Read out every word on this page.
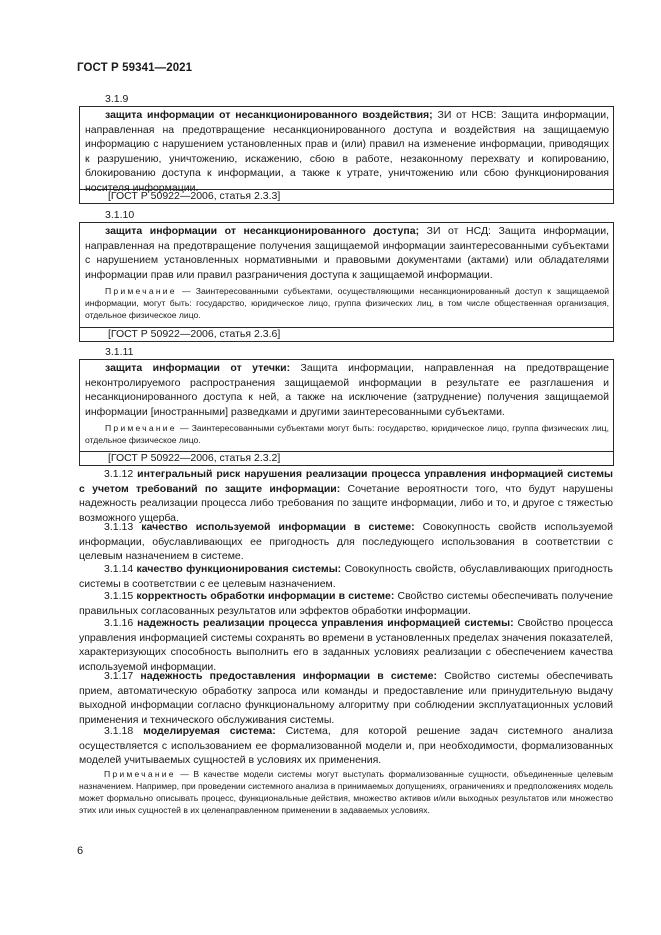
ГОСТ Р 59341—2021
3.1.9
защита информации от несанкционированного воздействия; ЗИ от НСВ: Защита информации, направленная на предотвращение несанкционированного доступа и воздействия на защищаемую информацию с нарушением установленных прав и (или) правил на изменение информации, приводящих к разрушению, уничтожению, искажению, сбою в работе, незаконному перехвату и копированию, блокированию доступа к информации, а также к утрате, уничтожению или сбою функционирования носителя информации.
[ГОСТ Р 50922—2006, статья 2.3.3]
3.1.10
защита информации от несанкционированного доступа; ЗИ от НСД: Защита информации, направленная на предотвращение получения защищаемой информации заинтересованными субъектами с нарушением установленных нормативными и правовыми документами (актами) или обладателями информации прав или правил разграничения доступа к защищаемой информации.
Примечание — Заинтересованными субъектами, осуществляющими несанкционированный доступ к защищаемой информации, могут быть: государство, юридическое лицо, группа физических лиц, в том числе общественная организация, отдельное физическое лицо.
[ГОСТ Р 50922—2006, статья 2.3.6]
3.1.11
защита информации от утечки: Защита информации, направленная на предотвращение неконтролируемого распространения защищаемой информации в результате ее разглашения и несанкционированного доступа к ней, а также на исключение (затруднение) получения защищаемой информации [иностранными] разведками и другими заинтересованными субъектами.
Примечание — Заинтересованными субъектами могут быть: государство, юридическое лицо, группа физических лиц, отдельное физическое лицо.
[ГОСТ Р 50922—2006, статья 2.3.2]
3.1.12 интегральный риск нарушения реализации процесса управления информацией системы с учетом требований по защите информации: Сочетание вероятности того, что будут нарушены надежность реализации процесса либо требования по защите информации, либо и то, и другое с тяжестью возможного ущерба.
3.1.13 качество используемой информации в системе: Совокупность свойств используемой информации, обуславливающих ее пригодность для последующего использования в соответствии с целевым назначением в системе.
3.1.14 качество функционирования системы: Совокупность свойств, обуславливающих пригодность системы в соответствии с ее целевым назначением.
3.1.15 корректность обработки информации в системе: Свойство системы обеспечивать получение правильных согласованных результатов или эффектов обработки информации.
3.1.16 надежность реализации процесса управления информацией системы: Свойство процесса управления информацией системы сохранять во времени в установленных пределах значения показателей, характеризующих способность выполнить его в заданных условиях реализации с обеспечением качества используемой информации.
3.1.17 надежность предоставления информации в системе: Свойство системы обеспечивать прием, автоматическую обработку запроса или команды и предоставление или принудительную выдачу выходной информации согласно функциональному алгоритму при соблюдении эксплуатационных условий применения и технического обслуживания системы.
3.1.18 моделируемая система: Система, для которой решение задач системного анализа осуществляется с использованием ее формализованной модели и, при необходимости, формализованных моделей учитываемых сущностей в условиях их применения.
Примечание — В качестве модели системы могут выступать формализованные сущности, объединенные целевым назначением. Например, при проведении системного анализа в принимаемых допущениях, ограничениях и предположениях модель может формально описывать процесс, функциональные действия, множество активов и/или выходных результатов или множество этих или иных сущностей в их целенаправленном применении в задаваемых условиях.
6
